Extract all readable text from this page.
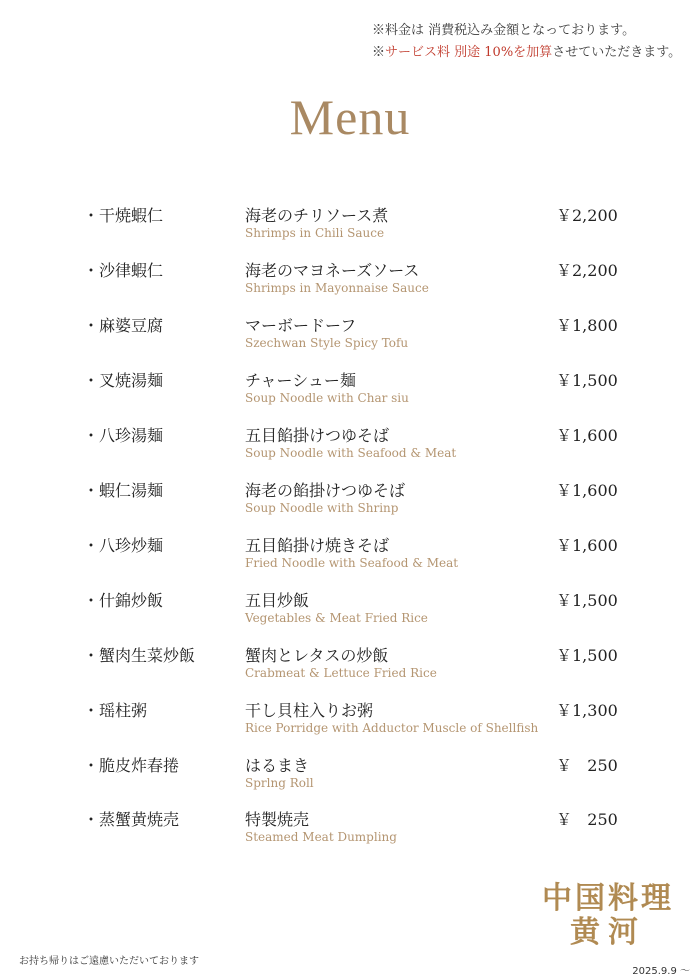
※料金は 消費税込み金額となっております。
※サービス料 別途 10%を加算させていただきます。
Menu
・干焼蝦仁	海老のチリソース煮
Shrimps in Chili Sauce
￥2,200
・沙律蝦仁	海老のマヨネーズソース
Shrimps in Mayonnaise Sauce
￥2,200
・麻婆豆腐	マーボードーフ
Szechwan Style Spicy Tofu
￥1,800
・叉焼湯麺	チャーシュー麺
Soup Noodle with Char siu
￥1,500
・八珍湯麺	五目餡掛けつゆそば
Soup Noodle with Seafood & Meat
￥1,600
・蝦仁湯麺	海老の餡掛けつゆそば
Soup Noodle with Shrinp
￥1,600
・八珍炒麺	五目餡掛け焼きそば
Fried Noodle with Seafood & Meat
￥1,600
・什錦炒飯	五目炒飯
Vegetables & Meat Fried Rice
￥1,500
・蟹肉生菜炒飯	蟹肉とレタスの炒飯
Crabmeat & Lettuce Fried Rice
￥1,500
・瑶柱粥	干し貝柱入りお粥
Rice Porridge with Adductor Muscle of Shellfish
￥1,300
・脆皮炸春捲	はるまき
Sprlng Roll
￥   250
・蒸蟹黄焼売	特製焼売
Steamed Meat Dumpling
￥   250
中国料理
黄河
お持ち帰りはご遠慮いただいております
2025.9.9 ～
